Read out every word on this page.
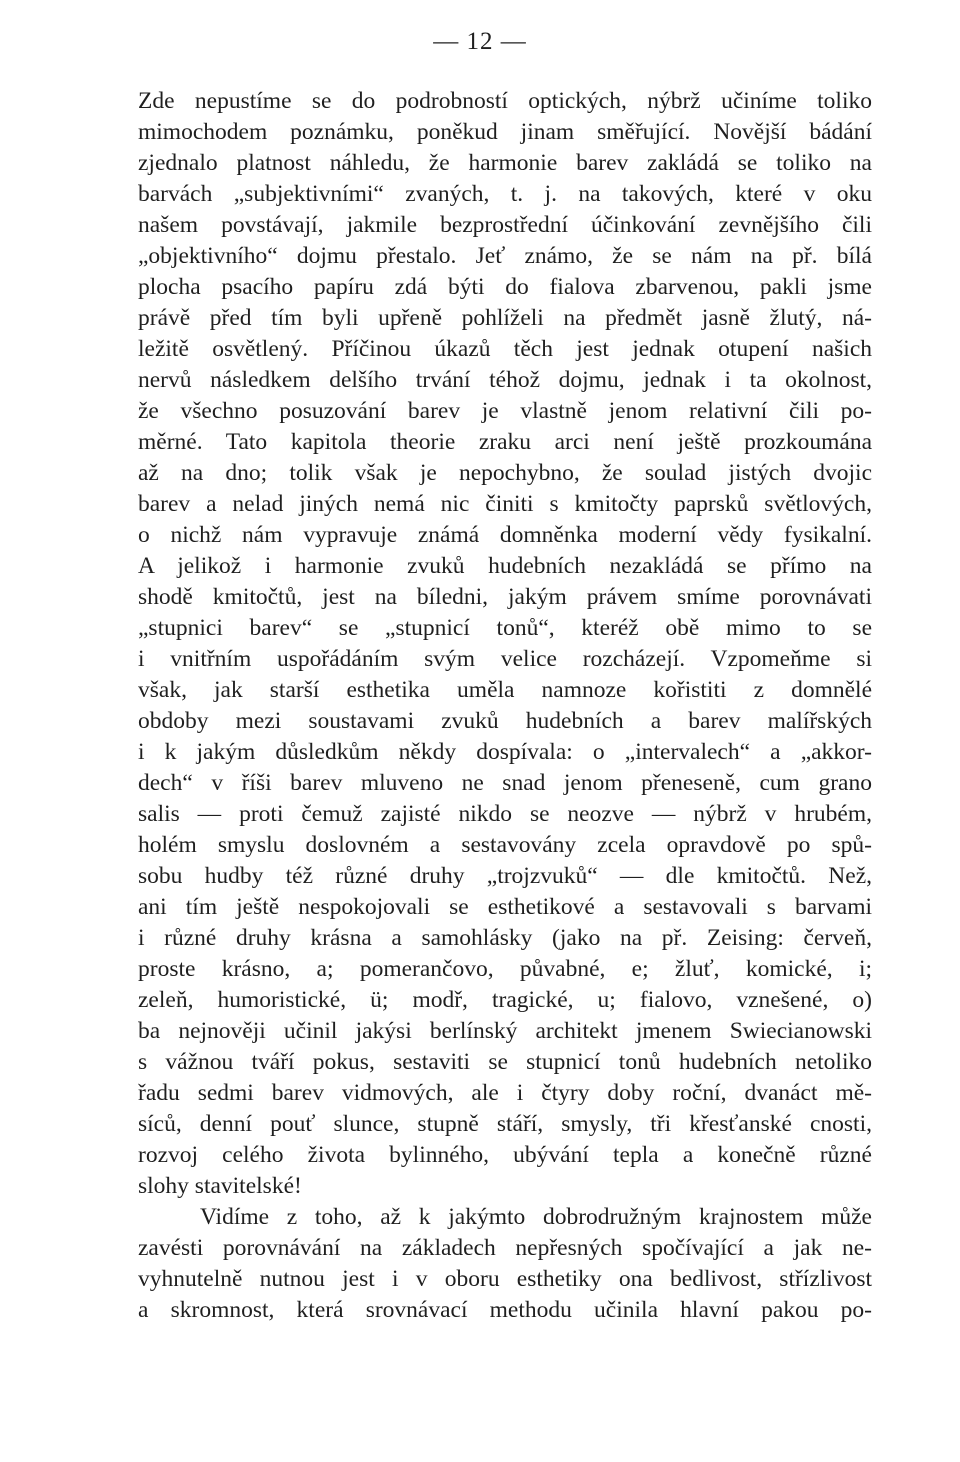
— 12 —
Zde nepustíme se do podrobností optických, nýbrž učiníme toliko
mimochodem poznámku, poněkud jinam směřující. Novější bádání
zjednalo platnost náhledu, že harmonie barev zakládá se toliko na
barvách „subjektivními“ zvaných, t. j. na takových, které v oku
našem povstávají, jakmile bezprostřední účinkování zevnějšího čili
„objektivního“ dojmu přestalo. Jeť známo, že se nám na př. bílá
plocha psacího papíru zdá býti do fialova zbarvenou, pakli jsme
právě před tím byli upřeně pohlíželi na předmět jasně žlutý, ná-
ležitě osvětlený. Příčinou úkazů těch jest jednak otupení našich
nervů následkem delšího trvání téhož dojmu, jednak i ta okolnost,
že všechno posuzování barev je vlastně jenom relativní čili po-
měrné. Tato kapitola theorie zraku arci není ještě prozkoumána
až na dno; tolik však je nepochybno, že soulad jistých dvojic
barev a nelad jiných nemá nic činiti s kmitočty paprsků světlových,
o nichž nám vypravuje známá domněnka moderní vědy fysikalní.
A jelikož i harmonie zvuků hudebních nezakládá se přímo na
shodě kmitočtů, jest na bíledni, jakým právem smíme porovnávati
„stupnici barev“ se „stupnicí tonů“, kteréž obě mimo to se
i vnitřním uspořádáním svým velice rozcházejí. Vzpomeňme si
však, jak starší esthetika uměla namnoze kořistiti z domnělé
obdoby mezi soustavami zvuků hudebních a barev malířských
i k jakým důsledkům někdy dospívala: o „intervalech“ a „akkor-
dech“ v říši barev mluveno ne snad jenom přeneseně, cum grano
salis — proti čemuž zajisté nikdo se neozve — nýbrž v hrubém,
holém smyslu doslovném a sestavovány zcela opravdově po spů-
sobu hudby též různé druhy „trojzvuků“ — dle kmitočtů. Než,
ani tím ještě nespokojovali se esthetikové a sestavovali s barvami
i různé druhy krásna a samohlásky (jako na př. Zeising: červeň,
proste krásno, a; pomerančovo, půvabné, e; žluť, komické, i;
zeleň, humoristické, ü; modř, tragické, u; fialovo, vznešené, o)
ba nejnověji učinil jakýsi berlínský architekt jmenem Swiecianowski
s vážnou tváří pokus, sestaviti se stupnicí tonů hudebních netoliko
řadu sedmi barev vidmových, ale i čtyry doby roční, dvanáct mě-
síců, denní pouť slunce, stupně stáří, smysly, tři křesťanské cnosti,
rozvoj celého života bylinného, ubývání tepla a konečně různé
slohy stavitelské!
Vidíme z toho, až k jakýmto dobrodružným krajnostem může
zavésti porovnávání na základech nepřesných spočívající a jak ne-
vyhnutelně nutnou jest i v oboru esthetiky ona bedlivost, střízlivost
a skromnost, která srovnávací methodu učinila hlavní pakou po-
